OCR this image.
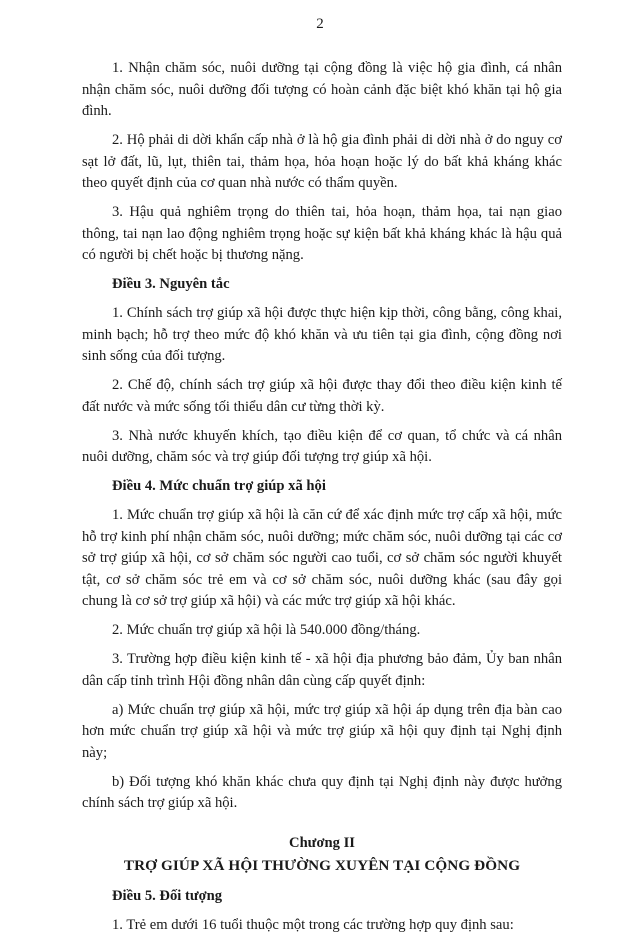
2

1. Nhận chăm sóc, nuôi dưỡng tại cộng đồng là việc hộ gia đình, cá nhân nhận chăm sóc, nuôi dưỡng đối tượng có hoàn cảnh đặc biệt khó khăn tại hộ gia đình.

2. Hộ phải di dời khẩn cấp nhà ở là hộ gia đình phải di dời nhà ở do nguy cơ sạt lở đất, lũ, lụt, thiên tai, thảm họa, hỏa hoạn hoặc lý do bất khả kháng khác theo quyết định của cơ quan nhà nước có thẩm quyền.

3. Hậu quả nghiêm trọng do thiên tai, hỏa hoạn, thảm họa, tai nạn giao thông, tai nạn lao động nghiêm trọng hoặc sự kiện bất khả kháng khác là hậu quả có người bị chết hoặc bị thương nặng.

Điều 3. Nguyên tắc

1. Chính sách trợ giúp xã hội được thực hiện kịp thời, công bằng, công khai, minh bạch; hỗ trợ theo mức độ khó khăn và ưu tiên tại gia đình, cộng đồng nơi sinh sống của đối tượng.

2. Chế độ, chính sách trợ giúp xã hội được thay đổi theo điều kiện kinh tế đất nước và mức sống tối thiểu dân cư từng thời kỳ.

3. Nhà nước khuyến khích, tạo điều kiện để cơ quan, tổ chức và cá nhân nuôi dưỡng, chăm sóc và trợ giúp đối tượng trợ giúp xã hội.

Điều 4. Mức chuẩn trợ giúp xã hội

1. Mức chuẩn trợ giúp xã hội là căn cứ để xác định mức trợ cấp xã hội, mức hỗ trợ kinh phí nhận chăm sóc, nuôi dưỡng; mức chăm sóc, nuôi dưỡng tại các cơ sở trợ giúp xã hội, cơ sở chăm sóc người cao tuổi, cơ sở chăm sóc người khuyết tật, cơ sở chăm sóc trẻ em và cơ sở chăm sóc, nuôi dưỡng khác (sau đây gọi chung là cơ sở trợ giúp xã hội) và các mức trợ giúp xã hội khác.

2. Mức chuẩn trợ giúp xã hội là 540.000 đồng/tháng.

3. Trường hợp điều kiện kinh tế - xã hội địa phương bảo đảm, Ủy ban nhân dân cấp tỉnh trình Hội đồng nhân dân cùng cấp quyết định:

a) Mức chuẩn trợ giúp xã hội, mức trợ giúp xã hội áp dụng trên địa bàn cao hơn mức chuẩn trợ giúp xã hội và mức trợ giúp xã hội quy định tại Nghị định này;

b) Đối tượng khó khăn khác chưa quy định tại Nghị định này được hưởng chính sách trợ giúp xã hội.

Chương II
TRỢ GIÚP XÃ HỘI THƯỜNG XUYÊN TẠI CỘNG ĐỒNG
Điều 5. Đối tượng

1. Trẻ em dưới 16 tuổi thuộc một trong các trường hợp quy định sau:
